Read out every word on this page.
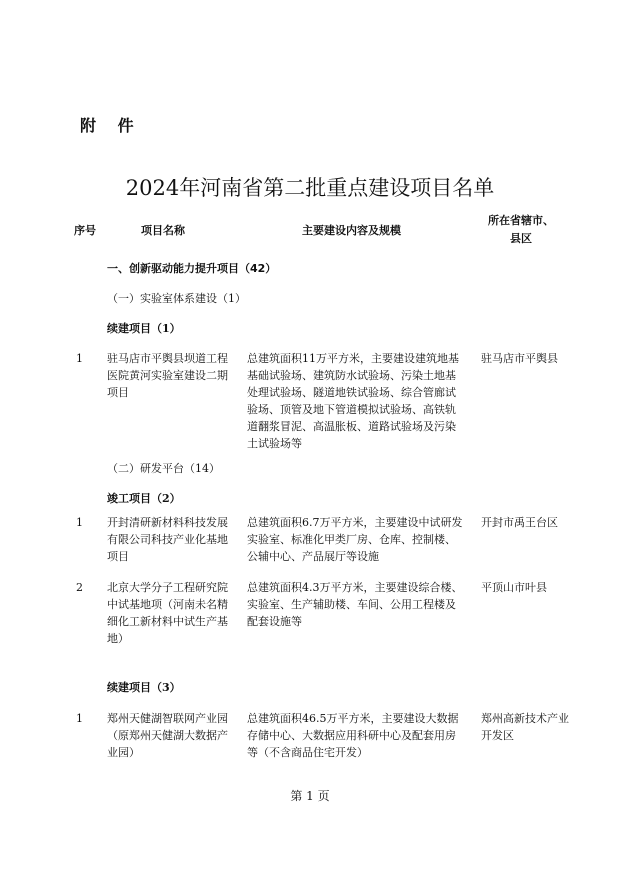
附 件
2024年河南省第二批重点建设项目名单
序号	项目名称	主要建设内容及规模
所在省辖市、
县区
一、创新驱动能力提升项目（42）
（一）实验室体系建设（1）
续建项目（1）
1 驻马店市平舆县坝道工程医院黄河实验室建设二期项目
总建筑面积11万平方米，主要建设建筑地基基础试验场、建筑防水试验场、污染土地基处理试验场、隧道地铁试验场、综合管廊试验场、顶管及地下管道模拟试验场、高铁轨道翻浆冒泥、高温胀板、道路试验场及污染土试验场等
驻马店市平舆县
（二）研发平台（14）
竣工项目（2）
1 开封清研新材料科技发展有限公司科技产业化基地项目
总建筑面积6.7万平方米，主要建设中试研发实验室、标准化甲类厂房、仓库、控制楼、公辅中心、产品展厅等设施
开封市禹王台区
2 北京大学分子工程研究院中试基地项（河南未名精细化工新材料中试生产基地）
总建筑面积4.3万平方米，主要建设综合楼、实验室、生产辅助楼、车间、公用工程楼及配套设施等
平顶山市叶县
续建项目（3）
1 郑州天健湖智联网产业园（原郑州天健湖大数据产业园）
总建筑面积46.5万平方米，主要建设大数据存储中心、大数据应用科研中心及配套用房等（不含商品住宅开发）
郑州高新技术产业开发区
第 1 页
